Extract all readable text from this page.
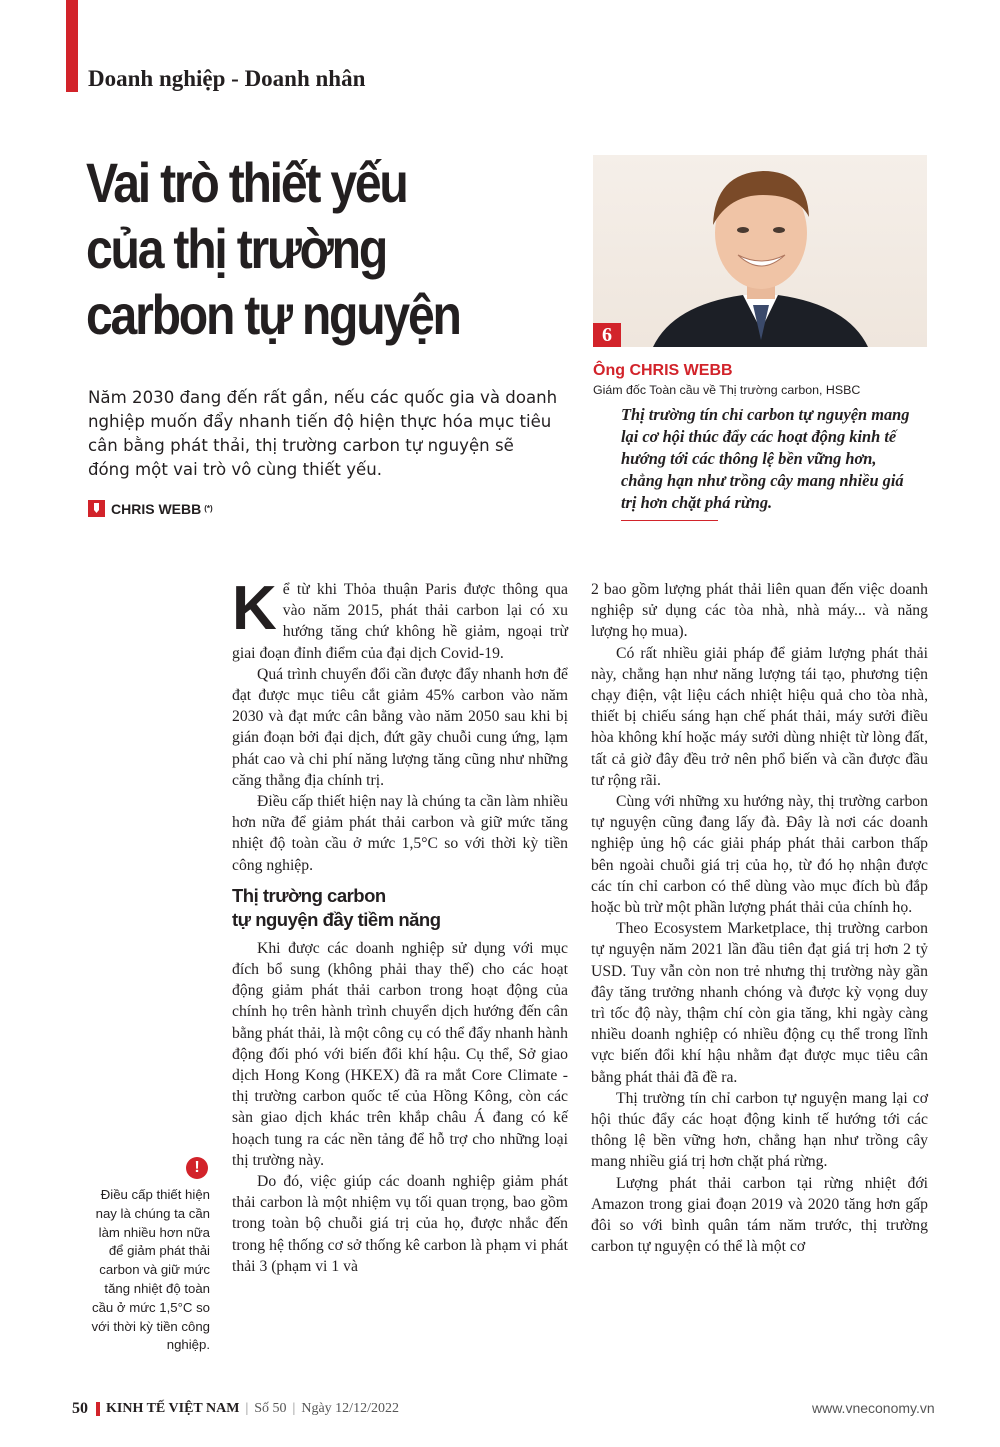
Doanh nghiệp - Doanh nhân
Vai trò thiết yếu
của thị trường
carbon tự nguyện
Năm 2030 đang đến rất gần, nếu các quốc gia và doanh nghiệp muốn đẩy nhanh tiến độ hiện thực hóa mục tiêu cân bằng phát thải, thị trường carbon tự nguyện sẽ đóng một vai trò vô cùng thiết yếu.
CHRIS WEBB (*)
6
Ông CHRIS WEBB
Giám đốc Toàn cầu về Thị trường carbon, HSBC
Thị trường tín chỉ carbon tự nguyện mang lại cơ hội thúc đẩy các hoạt động kinh tế hướng tới các thông lệ bền vững hơn, chẳng hạn như trồng cây mang nhiều giá trị hơn chặt phá rừng.

Kể từ khi Thỏa thuận Paris được thông qua vào năm 2015, phát thải carbon lại có xu hướng tăng chứ không hề giảm, ngoại trừ giai đoạn đỉnh điểm của đại dịch Covid-19.

Quá trình chuyển đổi cần được đẩy nhanh hơn để đạt được mục tiêu cắt giảm 45% carbon vào năm 2030 và đạt mức cân bằng vào năm 2050 sau khi bị gián đoạn bởi đại dịch, đứt gãy chuỗi cung ứng, lạm phát cao và chi phí năng lượng tăng cũng như những căng thẳng địa chính trị.

Điều cấp thiết hiện nay là chúng ta cần làm nhiều hơn nữa để giảm phát thải carbon và giữ mức tăng nhiệt độ toàn cầu ở mức 1,5°C so với thời kỳ tiền công nghiệp.

Thị trường carbon
tự nguyện đầy tiềm năng

Khi được các doanh nghiệp sử dụng với mục đích bổ sung (không phải thay thế) cho các hoạt động giảm phát thải carbon trong hoạt động của chính họ trên hành trình chuyển dịch hướng đến cân bằng phát thải, là một công cụ có thể đẩy nhanh hành động đối phó với biến đổi khí hậu. Cụ thể, Sở giao dịch Hong Kong (HKEX) đã ra mắt Core Climate - thị trường carbon quốc tế của Hồng Kông, còn các sàn giao dịch khác trên khắp châu Á đang có kế hoạch tung ra các nền tảng để hỗ trợ cho những loại thị trường này.

Do đó, việc giúp các doanh nghiệp giảm phát thải carbon là một nhiệm vụ tối quan trọng, bao gồm trong toàn bộ chuỗi giá trị của họ, được nhắc đến trong hệ thống cơ sở thống kê carbon là phạm vi phát thải 3 (phạm vi 1 và

2 bao gồm lượng phát thải liên quan đến việc doanh nghiệp sử dụng các tòa nhà, nhà máy... và năng lượng họ mua).

Có rất nhiều giải pháp để giảm lượng phát thải này, chẳng hạn như năng lượng tái tạo, phương tiện chạy điện, vật liệu cách nhiệt hiệu quả cho tòa nhà, thiết bị chiếu sáng hạn chế phát thải, máy sưởi điều hòa không khí hoặc máy sưởi dùng nhiệt từ lòng đất, tất cả giờ đây đều trở nên phổ biến và cần được đầu tư rộng rãi.

Cùng với những xu hướng này, thị trường carbon tự nguyện cũng đang lấy đà. Đây là nơi các doanh nghiệp ủng hộ các giải pháp phát thải carbon thấp bên ngoài chuỗi giá trị của họ, từ đó họ nhận được các tín chỉ carbon có thể dùng vào mục đích bù đắp hoặc bù trừ một phần lượng phát thải của chính họ.

Theo Ecosystem Marketplace, thị trường carbon tự nguyện năm 2021 lần đầu tiên đạt giá trị hơn 2 tỷ USD. Tuy vẫn còn non trẻ nhưng thị trường này gần đây tăng trưởng nhanh chóng và được kỳ vọng duy trì tốc độ này, thậm chí còn gia tăng, khi ngày càng nhiều doanh nghiệp có nhiều động cụ thể trong lĩnh vực biến đổi khí hậu nhằm đạt được mục tiêu cân bằng phát thải đã đề ra.

Thị trường tín chỉ carbon tự nguyện mang lại cơ hội thúc đẩy các hoạt động kinh tế hướng tới các thông lệ bền vững hơn, chẳng hạn như trồng cây mang nhiều giá trị hơn chặt phá rừng.

Lượng phát thải carbon tại rừng nhiệt đới Amazon trong giai đoạn 2019 và 2020 tăng hơn gấp đôi so với bình quân tám năm trước, thị trường carbon tự nguyện có thể là một cơ

!
Điều cấp thiết hiện nay là chúng ta cần làm nhiều hơn nữa để giảm phát thải carbon và giữ mức tăng nhiệt độ toàn cầu ở mức 1,5°C so với thời kỳ tiền công nghiệp.
50 KINH TẾ VIỆT NAM | Số 50 | Ngày 12/12/2022	www.vneconomy.vn
